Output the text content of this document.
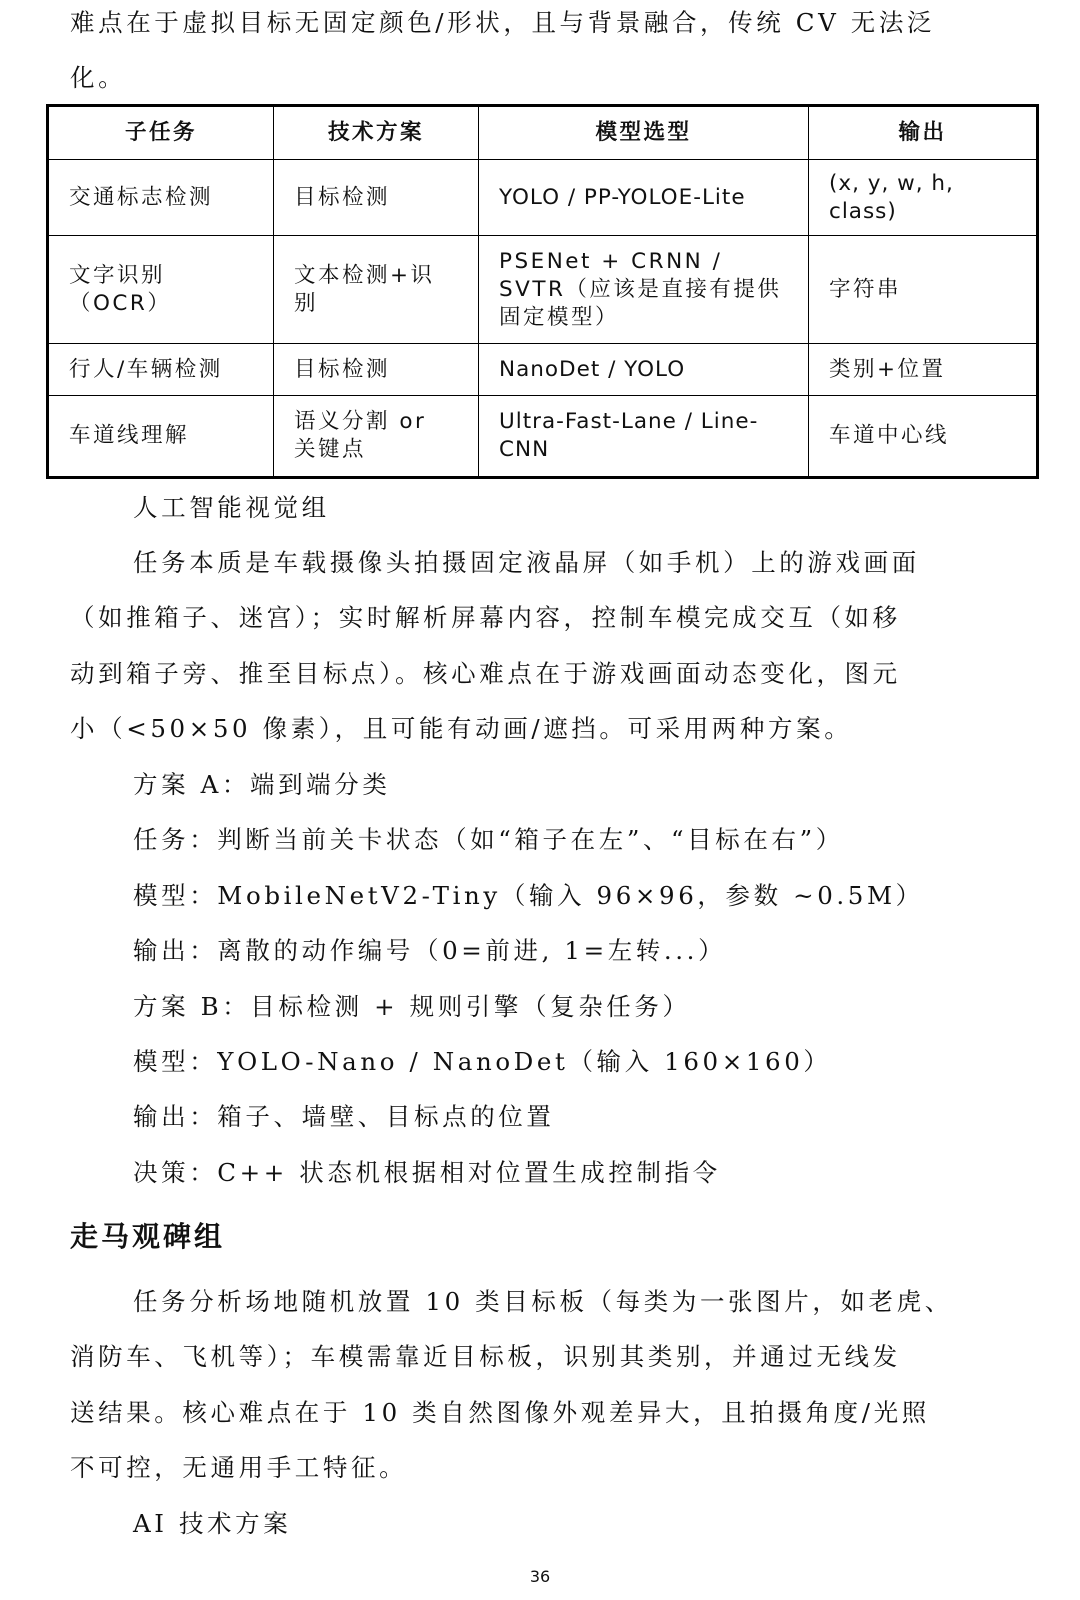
难点在于虚拟目标无固定颜色/形状，且与背景融合，传统 CV 无法泛
化。
子任务	技术方案	模型选型	输出
交通标志检测	目标检测	YOLO / PP-YOLOE-Lite	(x, y, w, h, class)
文字识别（OCR）	文本检测+识别	PSENet + CRNN / SVTR（应该是直接有提供固定模型）	字符串
行人/车辆检测	目标检测	NanoDet / YOLO	类别+位置
车道线理解	语义分割 or 关键点	Ultra-Fast-Lane / Line-CNN	车道中心线
人工智能视觉组
任务本质是车载摄像头拍摄固定液晶屏（如手机）上的游戏画面
（如推箱子、迷宫）；实时解析屏幕内容，控制车模完成交互（如移
动到箱子旁、推至目标点）。核心难点在于游戏画面动态变化，图元
小（<50×50 像素），且可能有动画/遮挡。可采用两种方案。
方案 A：端到端分类
任务：判断当前关卡状态（如“箱子在左”、“目标在右”）
模型：MobileNetV2-Tiny（输入 96×96，参数 ~0.5M）
输出：离散的动作编号（0=前进, 1=左转...）
方案 B：目标检测 + 规则引擎（复杂任务）
模型：YOLO-Nano / NanoDet（输入 160×160）
输出：箱子、墙壁、目标点的位置
决策：C++ 状态机根据相对位置生成控制指令
走马观碑组
任务分析场地随机放置 10 类目标板（每类为一张图片，如老虎、
消防车、飞机等）；车模需靠近目标板，识别其类别，并通过无线发
送结果。核心难点在于 10 类自然图像外观差异大，且拍摄角度/光照
不可控，无通用手工特征。
AI 技术方案
36
